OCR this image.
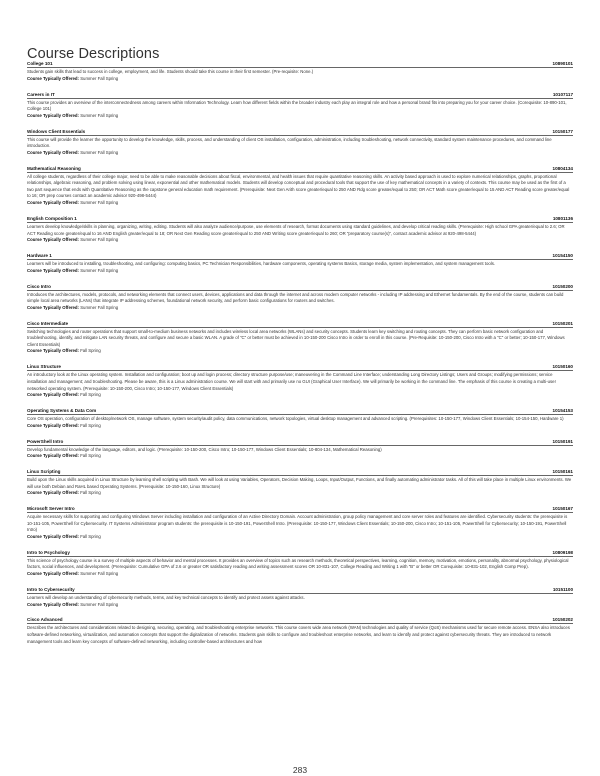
Course Descriptions
College 101	10890101
Students gain skills that lead to success in college, employment, and life. Students should take this course in their first semester. (Pre-requisite: None.)
Course Typically Offered: Summer Fall Spring
Careers in IT	10107117
This course provides an overview of the interconnectedness among careers within Information Technology. Learn how different fields within the broader industry each play an integral role and how a personal brand fits into preparing you for your career choice. (Corequisite: 10-890-101, College 101)
Course Typically Offered: Summer Fall Spring
Windows Client Essentials	10150177
This course will provide the learner the opportunity to develop the knowledge, skills, process, and understanding of client OS installation, configuration, administration, including troubleshooting, network connectivity, standard system maintenance procedures, and command line introduction.
Course Typically Offered: Summer Fall Spring
Mathematical Reasoning	10804134
All college students, regardless of their college major, need to be able to make reasonable decisions about fiscal, environmental, and health issues that require quantitative reasoning skills. An activity based approach is used to explore numerical relationships, graphs, proportional relationships, algebraic reasoning, and problem solving using linear, exponential and other mathematical models. Students will develop conceptual and procedural tools that support the use of key mathematical concepts in a variety of contexts. This course may be used as the first of a two part sequence that ends with Quantitative Reasoning as the capstone general education math requirement. (Prerequisite: Next Gen Arith score greater/equal to 250 AND Rdg score greater/equal to 250; OR ACT Math score greater/equal to 15 AND ACT Reading score greater/equal to 16; OR prep courses contact an academic advisor 920-498-5444)
Course Typically Offered: Summer Fall Spring
English Composition 1	10801136
Learners develop knowledge/skills in planning, organizing, writing, editing. Students will also analyze audience/purpose, use elements of research, format documents using standard guidelines, and develop critical reading skills. (Prerequisite: High school GPA greater/equal to 2.6; OR ACT Reading score greater/equal to 16 AND English greater/equal to 18; OR Next Gen Reading score greater/equal to 250 AND Writing score greater/equal to 260; OR "preparatory course(s)", contact academic advisor at 920-498-5444)
Course Typically Offered: Summer Fall Spring
Hardware 1	10154150
Learners will be introduced to installing, troubleshooting, and configuring: computing basics, PC Technician Responsibilities, hardware components, operating systems Basics, storage media, system implementation, and system management tools.
Course Typically Offered: Summer Fall Spring
Cisco Intro	10150200
Introduces the architectures, models, protocols, and networking elements that connect users, devices, applications and data through the internet and across modern computer networks - including IP addressing and Ethernet fundamentals. By the end of the course, students can build simple local area networks (LANs) that integrate IP addressing schemes, foundational network security, and perform basic configurations for routers and switches.
Course Typically Offered: Summer Fall Spring
Cisco Intermediate	10150201
Switching technologies and router operations that support small-to-medium business networks and includes wireless local area networks (WLANs) and security concepts. Students learn key switching and routing concepts. They can perform basic network configuration and troubleshooting, identify, and mitigate LAN security threats, and configure and secure a basic WLAN. A grade of "C" or better must be achieved in 10-150-200 Cisco Intro in order to enroll in this course. (Pre-Requisite: 10-150-200, Cisco Intro with a "C" or better; 10-150-177, Windows Client Essentials)
Course Typically Offered: Fall Spring
Linux Structure	10150160
An introductory look at the Linux operating system. Installation and configuration; boot up and login process; directory structure purpose/use; maneuvering in the Command Line Interface; understanding Long Directory Listings; Users and Groups; modifying permissions; service installation and management; and troubleshooting. Please be aware, this is a Linux administration course. We will start with and primarily use no GUI (Graphical User Interface). We will primarily be working in the command line. The emphasis of this course is creating a multi-user networked operating system. (Prerequisite: 10-150-200, Cisco Intro; 10-150-177, Windows Client Essentials)
Course Typically Offered: Fall Spring
Operating Systems & Data Com	10154153
Core OS operation, configuration of desktop/network OS, manage software, system security/audit policy, data communications, network topologies, virtual desktop management and advanced scripting. (Prerequisites: 10-150-177, Windows Client Essentials; 10-154-150, Hardware 1)
Course Typically Offered: Fall Spring
PowerShell Intro	10150191
Develop fundamental knowledge of the language, editors, and logic. (Prerequisite: 10-150-200, Cisco Intro; 10-150-177, Windows Client Essentials; 10-804-134, Mathematical Reasoning)
Course Typically Offered: Fall Spring
Linux Scripting	10150161
Build upon the Linux skills acquired in Linux Structure by learning shell scripting with Bash. We will look at using Variables, Operators, Decision Making, Loops, Input/Output, Functions, and finally automating administrator tasks. All of this will take place in multiple Linux environments. We will use both Debian and RaHL based Operating Systems. (Prerequisite: 10-150-160, Linux Structure)
Course Typically Offered: Fall Spring
Microsoft Server Intro	10150167
Acquire necessary skills for supporting and configuring Windows Server including installation and configuration of an Active Directory Domain. Account administration, group policy management and core server roles and features are identified. Cybersecurity students: the prerequisite is 10-151-105, PowerShell for Cybersecurity. IT Systems Administrator program students: the prerequisite is 10-150-191, PowerShell Intro. (Prerequisite: 10-150-177, Windows Client Essentials; 10-150-200, Cisco Intro; 10-151-105, PowerShell for Cybersecurity; 10-150-191, PowerShell Intro)
Course Typically Offered: Fall Spring
Intro to Psychology	10809198
This science of psychology course is a survey of multiple aspects of behavior and mental processes. It provides an overview of topics such as research methods, theoretical perspectives, learning, cognition, memory, motivation, emotions, personality, abnormal psychology, physiological factors, social influences, and development. (Prerequisite: Cumulative GPA of 2.6 or greater OR satisfactory reading and writing assessment scores OR 10-831-107, College Reading and Writing 1 with "B" or better OR Corequisite: 10-831-102, English Comp Prep).
Course Typically Offered: Summer Fall Spring
Intro to Cybersecurity	10151100
Learners will develop an understanding of cybersecurity methods, terms, and key technical concepts to identify and protect assets against attacks.
Course Typically Offered: Summer Fall Spring
Cisco Advanced	10150202
Describes the architectures and considerations related to designing, securing, operating, and troubleshooting enterprise networks. This course covers wide area network (WAN) technologies and quality of service (QoS) mechanisms used for secure remote access. ENSA also introduces software-defined networking, virtualization, and automation concepts that support the digitalization of networks. Students gain skills to configure and troubleshoot enterprise networks, and learn to identify and protect against cybersecurity threats. They are introduced to network management tools and learn key concepts of software-defined networking, including controller-based architectures and how
283
